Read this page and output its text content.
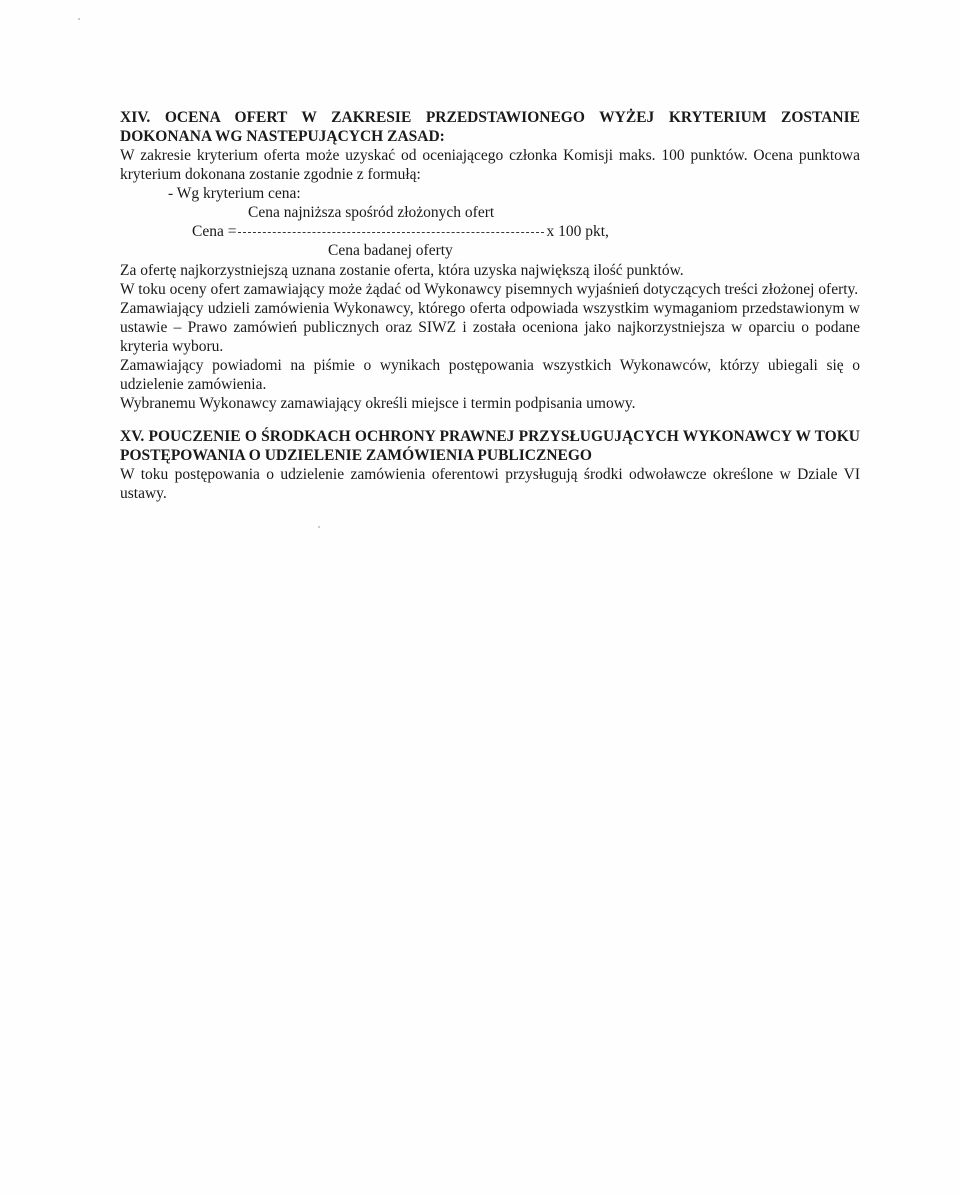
XIV. OCENA OFERT W ZAKRESIE PRZEDSTAWIONEGO WYŻEJ KRYTERIUM ZOSTANIE DOKONANA WG NASTEPUJĄCYCH ZASAD:

W zakresie kryterium oferta może uzyskać od oceniającego członka Komisji maks. 100 punktów. Ocena punktowa kryterium dokonana zostanie zgodnie z formułą:

- Wg kryterium cena:

Cena najniższa spośród złożonych ofert
Cena =	x 100 pkt,
Cena badanej oferty

Za ofertę najkorzystniejszą uznana zostanie oferta, która uzyska największą ilość punktów.

W toku oceny ofert zamawiający może żądać od Wykonawcy pisemnych wyjaśnień dotyczących treści złożonej oferty.

Zamawiający udzieli zamówienia Wykonawcy, którego oferta odpowiada wszystkim wymaganiom przedstawionym w ustawie – Prawo zamówień publicznych oraz SIWZ i została oceniona jako najkorzystniejsza w oparciu o podane kryteria wyboru.

Zamawiający powiadomi na piśmie o wynikach postępowania wszystkich Wykonawców, którzy ubiegali się o udzielenie zamówienia.

Wybranemu Wykonawcy zamawiający określi miejsce i termin podpisania umowy.

XV. POUCZENIE O ŚRODKACH OCHRONY PRAWNEJ PRZYSŁUGUJĄCYCH WYKONAWCY W TOKU POSTĘPOWANIA O UDZIELENIE ZAMÓWIENIA PUBLICZNEGO

W toku postępowania o udzielenie zamówienia oferentowi przysługują środki odwoławcze określone w Dziale VI ustawy.
